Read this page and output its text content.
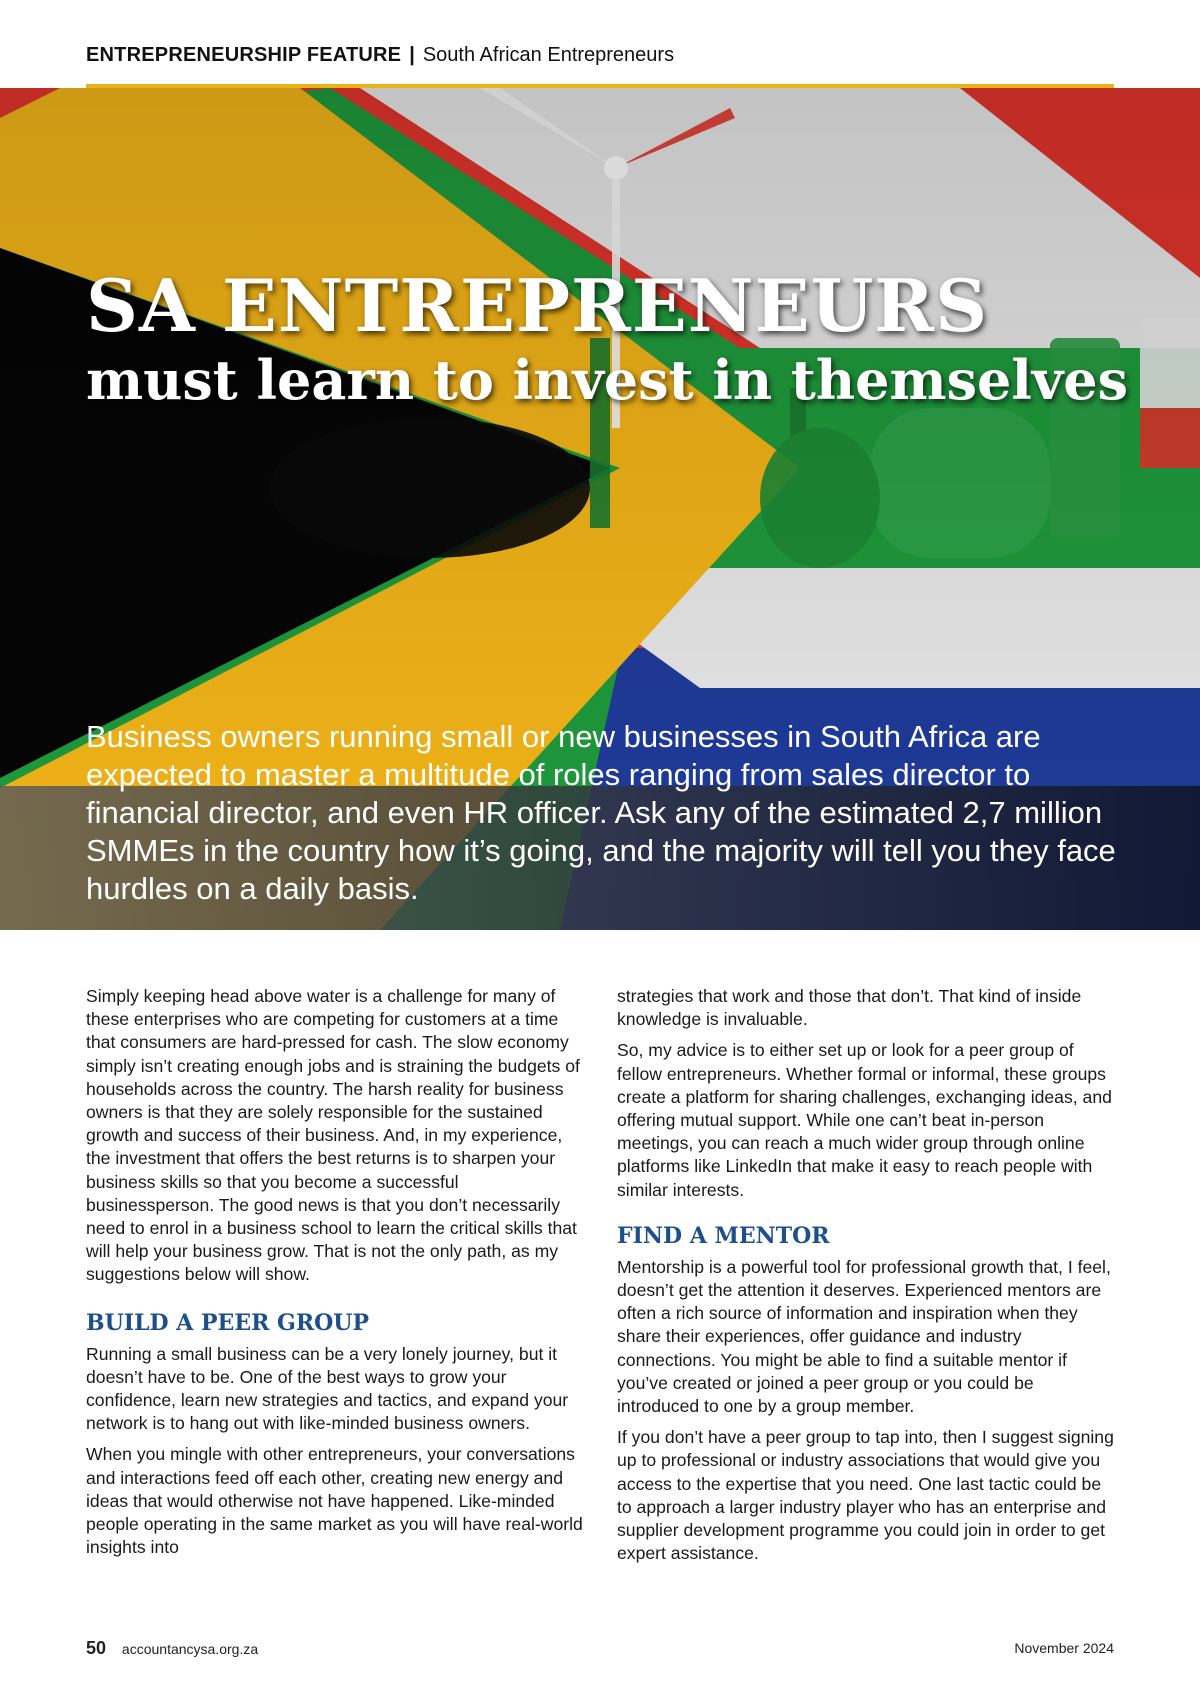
ENTREPRENEURSHIP FEATURE | South African Entrepreneurs
SA ENTREPRENEURS
must learn to invest in themselves

Business owners running small or new businesses in South Africa are expected to master a multitude of roles ranging from sales director to financial director, and even HR officer. Ask any of the estimated 2,7 million SMMEs in the country how it’s going, and the majority will tell you they face hurdles on a daily basis.

Simply keeping head above water is a challenge for many of these enterprises who are competing for customers at a time that consumers are hard-pressed for cash. The slow economy simply isn’t creating enough jobs and is straining the budgets of households across the country. The harsh reality for business owners is that they are solely responsible for the sustained growth and success of their business. And, in my experience, the investment that offers the best returns is to sharpen your business skills so that you become a successful businessperson. The good news is that you don’t necessarily need to enrol in a business school to learn the critical skills that will help your business grow. That is not the only path, as my suggestions below will show.

BUILD A PEER GROUP

Running a small business can be a very lonely journey, but it doesn’t have to be. One of the best ways to grow your confidence, learn new strategies and tactics, and expand your network is to hang out with like-minded business owners.

When you mingle with other entrepreneurs, your conversations and interactions feed off each other, creating new energy and ideas that would otherwise not have happened. Like-minded people operating in the same market as you will have real-world insights into

strategies that work and those that don’t. That kind of inside knowledge is invaluable.

So, my advice is to either set up or look for a peer group of fellow entrepreneurs. Whether formal or informal, these groups create a platform for sharing challenges, exchanging ideas, and offering mutual support. While one can’t beat in-person meetings, you can reach a much wider group through online platforms like LinkedIn that make it easy to reach people with similar interests.

FIND A MENTOR

Mentorship is a powerful tool for professional growth that, I feel, doesn’t get the attention it deserves. Experienced mentors are often a rich source of information and inspiration when they share their experiences, offer guidance and industry connections. You might be able to find a suitable mentor if you’ve created or joined a peer group or you could be introduced to one by a group member.

If you don’t have a peer group to tap into, then I suggest signing up to professional or industry associations that would give you access to the expertise that you need. One last tactic could be to approach a larger industry player who has an enterprise and supplier development programme you could join in order to get expert assistance.

50 accountancysa.org.za	November 2024
